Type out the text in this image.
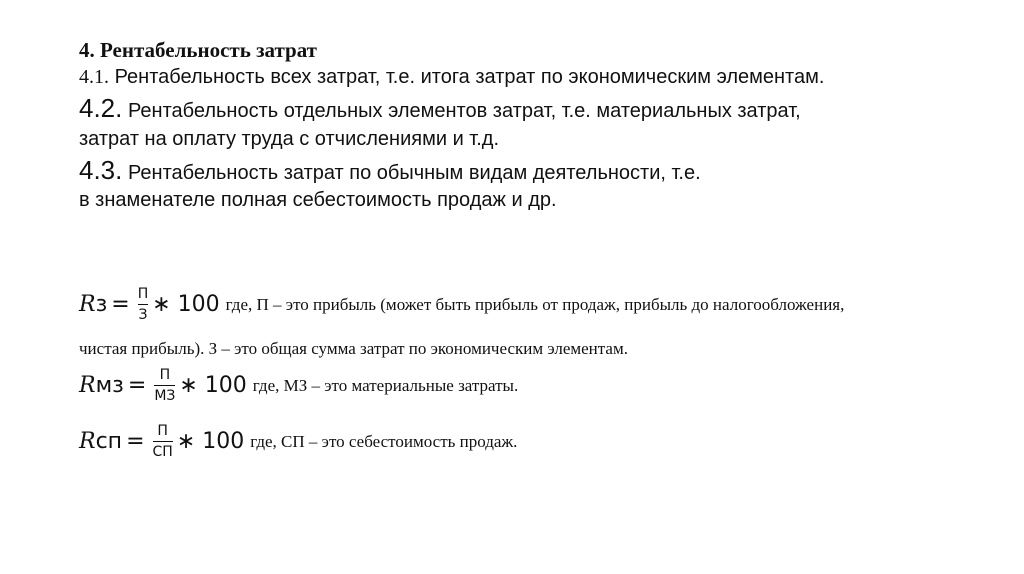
4. Рентабельность затрат
4.1. Рентабельность всех затрат, т.е. итога затрат по экономическим элементам.
4.2. Рентабельность отдельных элементов затрат, т.е. материальных затрат,
затрат на оплату труда с отчислениями и т.д.
4.3. Рентабельность затрат по обычным видам деятельности, т.е.
в знаменателе полная себестоимость продаж и др.
R $з = \frac{П}{З}$ ∗ 100 где, П – это прибыль (может быть прибыль от продаж, прибыль до налогообложения,
чистая прибыль). З – это общая сумма затрат по экономическим элементам.
R мз = $\frac{П}{МЗ}$ ∗ 100 где, МЗ – это материальные затраты.
R сп = $\frac{П}{СП}$ ∗ 100 где, СП – это себестоимость продаж.
